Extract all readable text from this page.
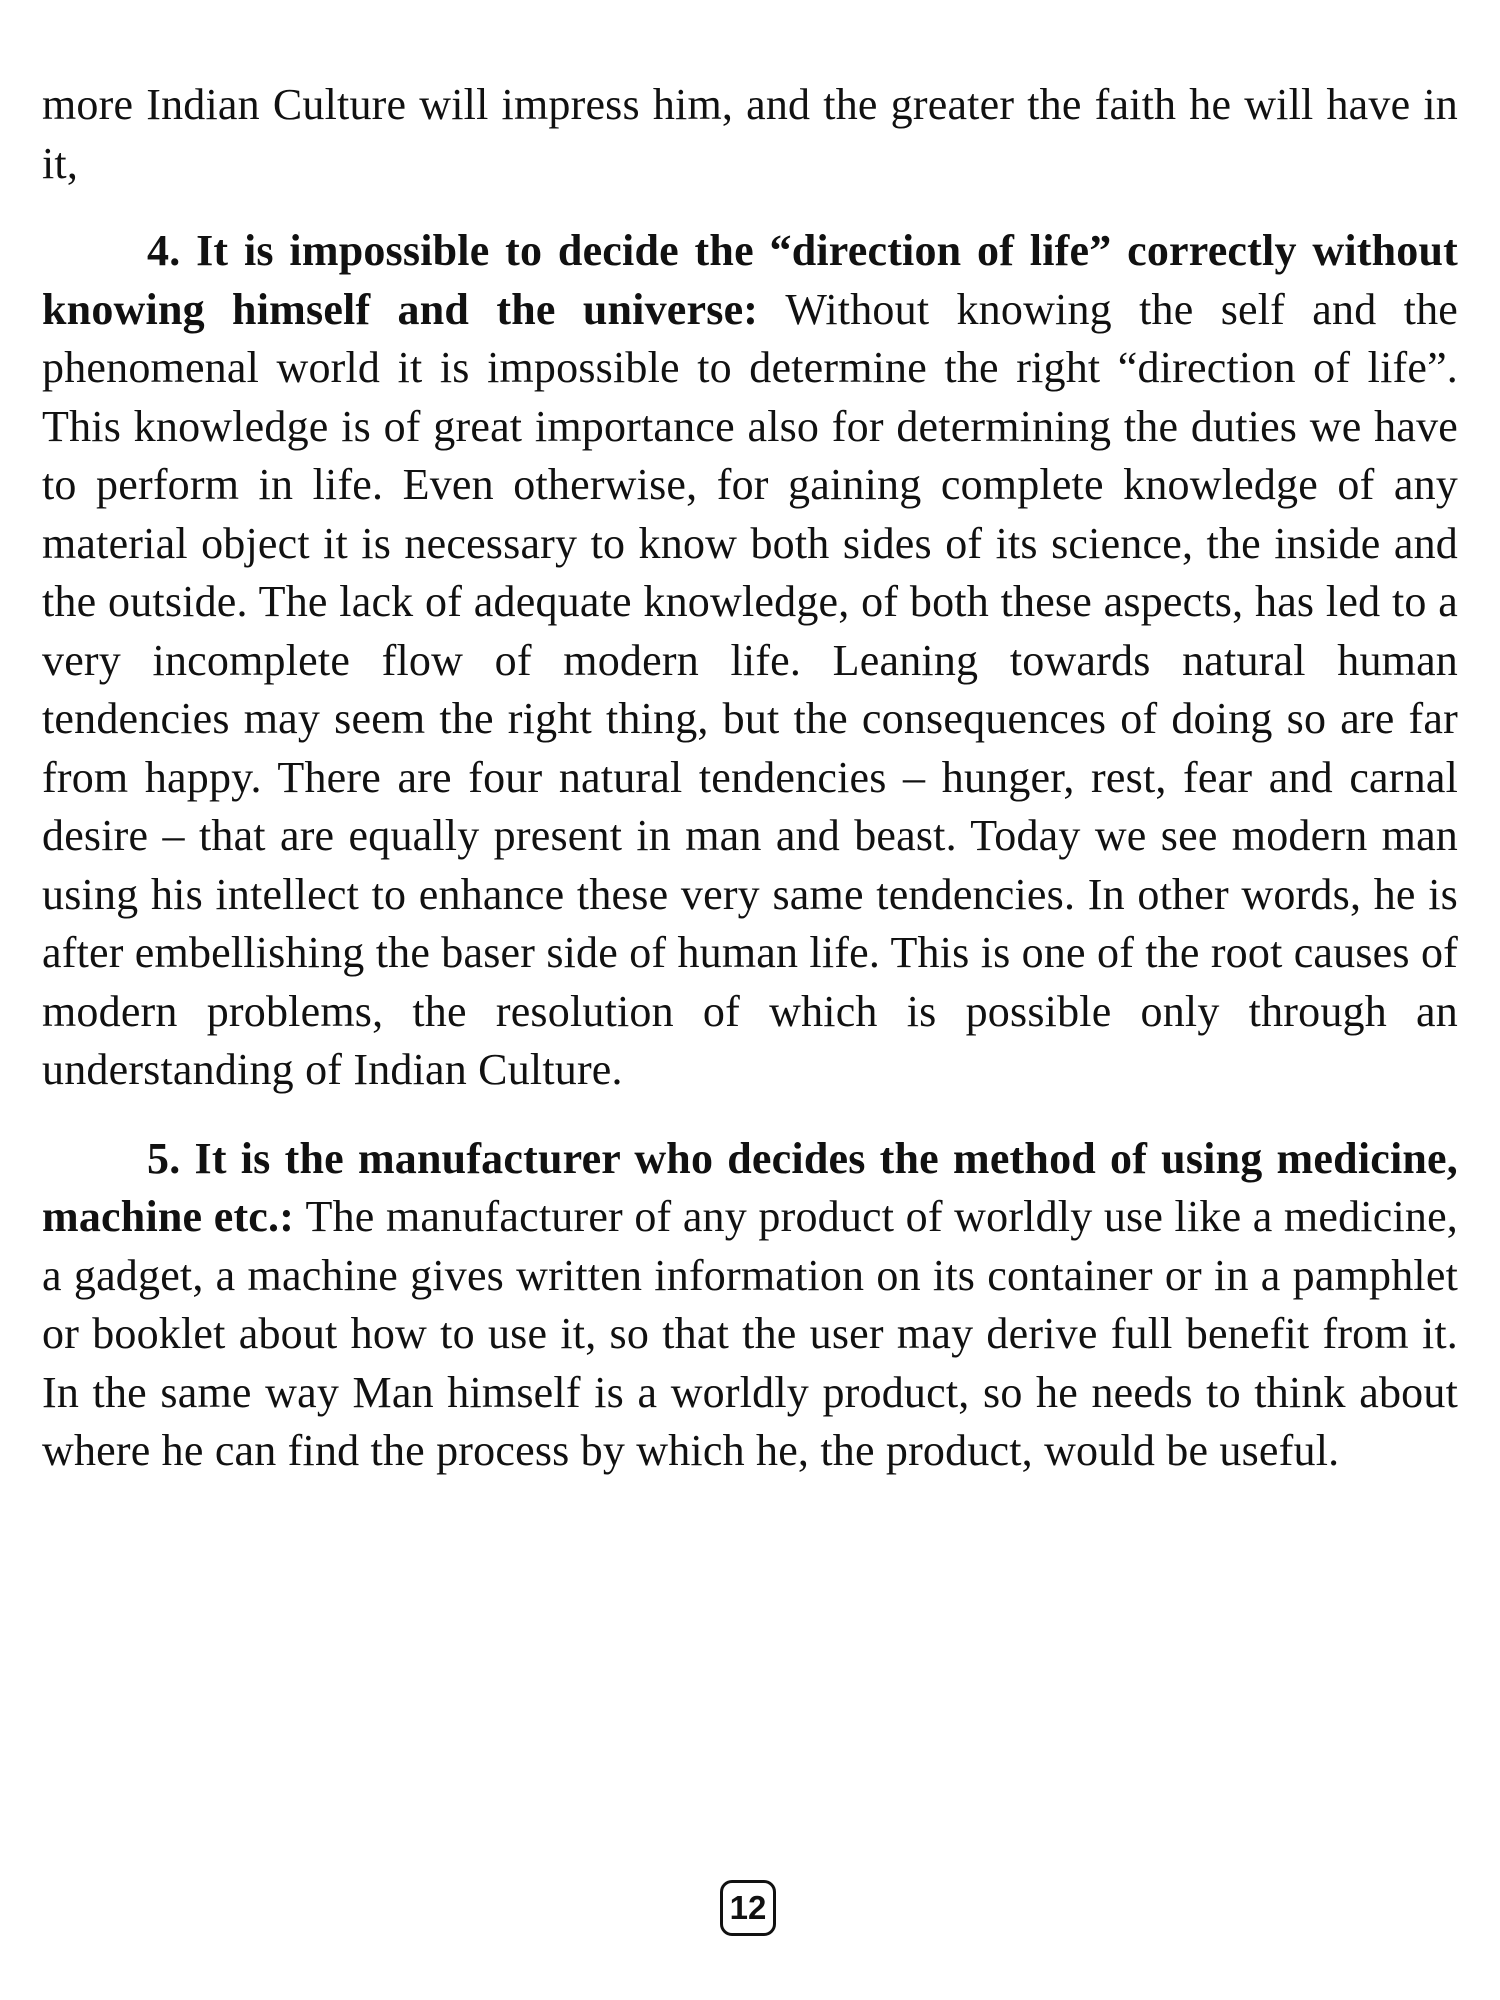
more Indian Culture will impress him, and the greater the faith he will have in it,

4. It is impossible to decide the “direction of life” correctly without knowing himself and the universe: Without knowing the self and the phenomenal world it is impossible to determine the right “direction of life”. This knowledge is of great importance also for determining the duties we have to perform in life. Even otherwise, for gaining complete knowledge of any material object it is necessary to know both sides of its science, the inside and the outside. The lack of adequate knowledge, of both these aspects, has led to a very incomplete flow of modern life. Leaning towards natural human tendencies may seem the right thing, but the consequences of doing so are far from happy. There are four natural tendencies – hunger, rest, fear and carnal desire – that are equally present in man and beast. Today we see modern man using his intellect to enhance these very same tendencies. In other words, he is after embellishing the baser side of human life. This is one of the root causes of modern problems, the resolution of which is possible only through an understanding of Indian Culture.

5. It is the manufacturer who decides the method of using medicine, machine etc.: The manufacturer of any product of worldly use like a medicine, a gadget, a machine gives written information on its container or in a pamphlet or booklet about how to use it, so that the user may derive full benefit from it. In the same way Man himself is a worldly product, so he needs to think about where he can find the process by which he, the product, would be useful.

12
